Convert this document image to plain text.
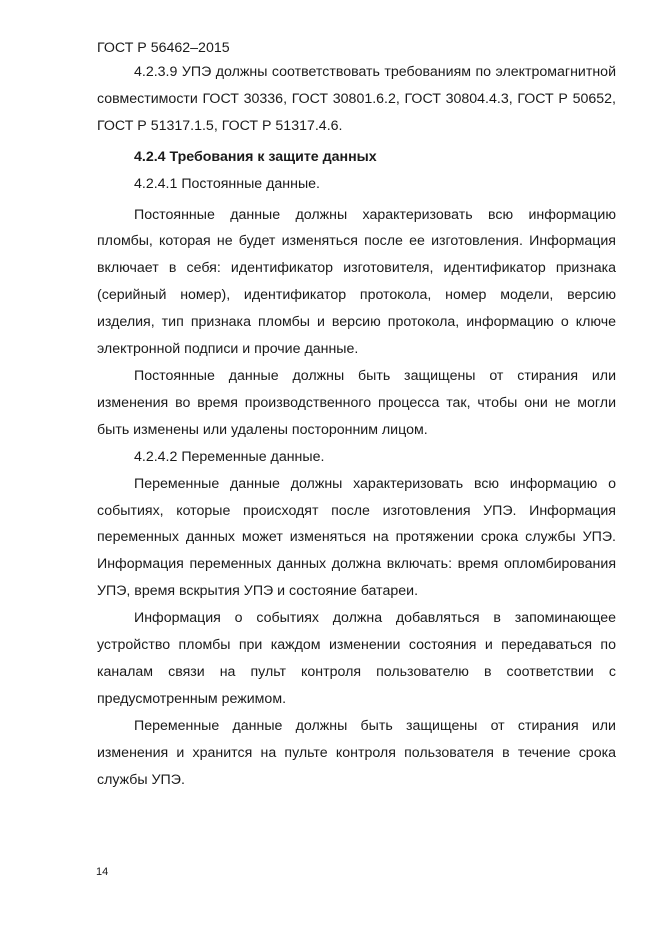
ГОСТ Р 56462–2015

4.2.3.9 УПЭ должны соответствовать требованиям по электромагнитной совместимости ГОСТ 30336, ГОСТ 30801.6.2, ГОСТ 30804.4.3, ГОСТ Р 50652, ГОСТ Р 51317.1.5, ГОСТ Р 51317.4.6.

4.2.4 Требования к защите данных

4.2.4.1 Постоянные данные.

Постоянные данные должны характеризовать всю информацию пломбы, которая не будет изменяться после ее изготовления. Информация включает в себя: идентификатор изготовителя, идентификатор признака (серийный номер), идентификатор протокола, номер модели, версию изделия, тип признака пломбы и версию протокола, информацию о ключе электронной подписи и прочие данные.

Постоянные данные должны быть защищены от стирания или изменения во время производственного процесса так, чтобы они не могли быть изменены или удалены посторонним лицом.

4.2.4.2 Переменные данные.

Переменные данные должны характеризовать всю информацию о событиях, которые происходят после изготовления УПЭ. Информация переменных данных может изменяться на протяжении срока службы УПЭ. Информация переменных данных должна включать: время опломбирования УПЭ, время вскрытия УПЭ и состояние батареи.

Информация о событиях должна добавляться в запоминающее устройство пломбы при каждом изменении состояния и передаваться по каналам связи на пульт контроля пользователю в соответствии с предусмотренным режимом.

Переменные данные должны быть защищены от стирания или изменения и хранится на пульте контроля пользователя в течение срока службы УПЭ.

14
